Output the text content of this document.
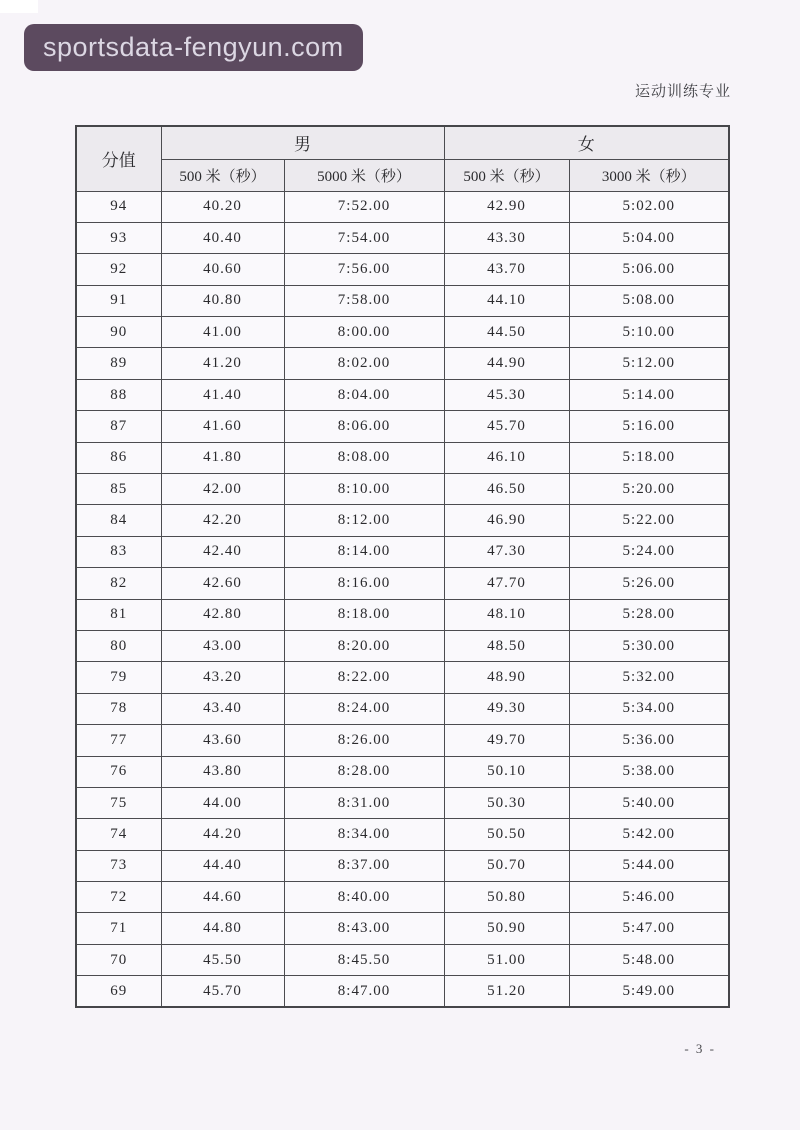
sportsdata-fengyun.com
运动训练专业
分值	男		女	
	500 米（秒）	5000 米（秒）	500 米（秒）	3000 米（秒）
94	40.20	7:52.00	42.90	5:02.00
93	40.40	7:54.00	43.30	5:04.00
92	40.60	7:56.00	43.70	5:06.00
91	40.80	7:58.00	44.10	5:08.00
90	41.00	8:00.00	44.50	5:10.00
89	41.20	8:02.00	44.90	5:12.00
88	41.40	8:04.00	45.30	5:14.00
87	41.60	8:06.00	45.70	5:16.00
86	41.80	8:08.00	46.10	5:18.00
85	42.00	8:10.00	46.50	5:20.00
84	42.20	8:12.00	46.90	5:22.00
83	42.40	8:14.00	47.30	5:24.00
82	42.60	8:16.00	47.70	5:26.00
81	42.80	8:18.00	48.10	5:28.00
80	43.00	8:20.00	48.50	5:30.00
79	43.20	8:22.00	48.90	5:32.00
78	43.40	8:24.00	49.30	5:34.00
77	43.60	8:26.00	49.70	5:36.00
76	43.80	8:28.00	50.10	5:38.00
75	44.00	8:31.00	50.30	5:40.00
74	44.20	8:34.00	50.50	5:42.00
73	44.40	8:37.00	50.70	5:44.00
72	44.60	8:40.00	50.80	5:46.00
71	44.80	8:43.00	50.90	5:47.00
70	45.50	8:45.50	51.00	5:48.00
69	45.70	8:47.00	51.20	5:49.00
- 3 -
